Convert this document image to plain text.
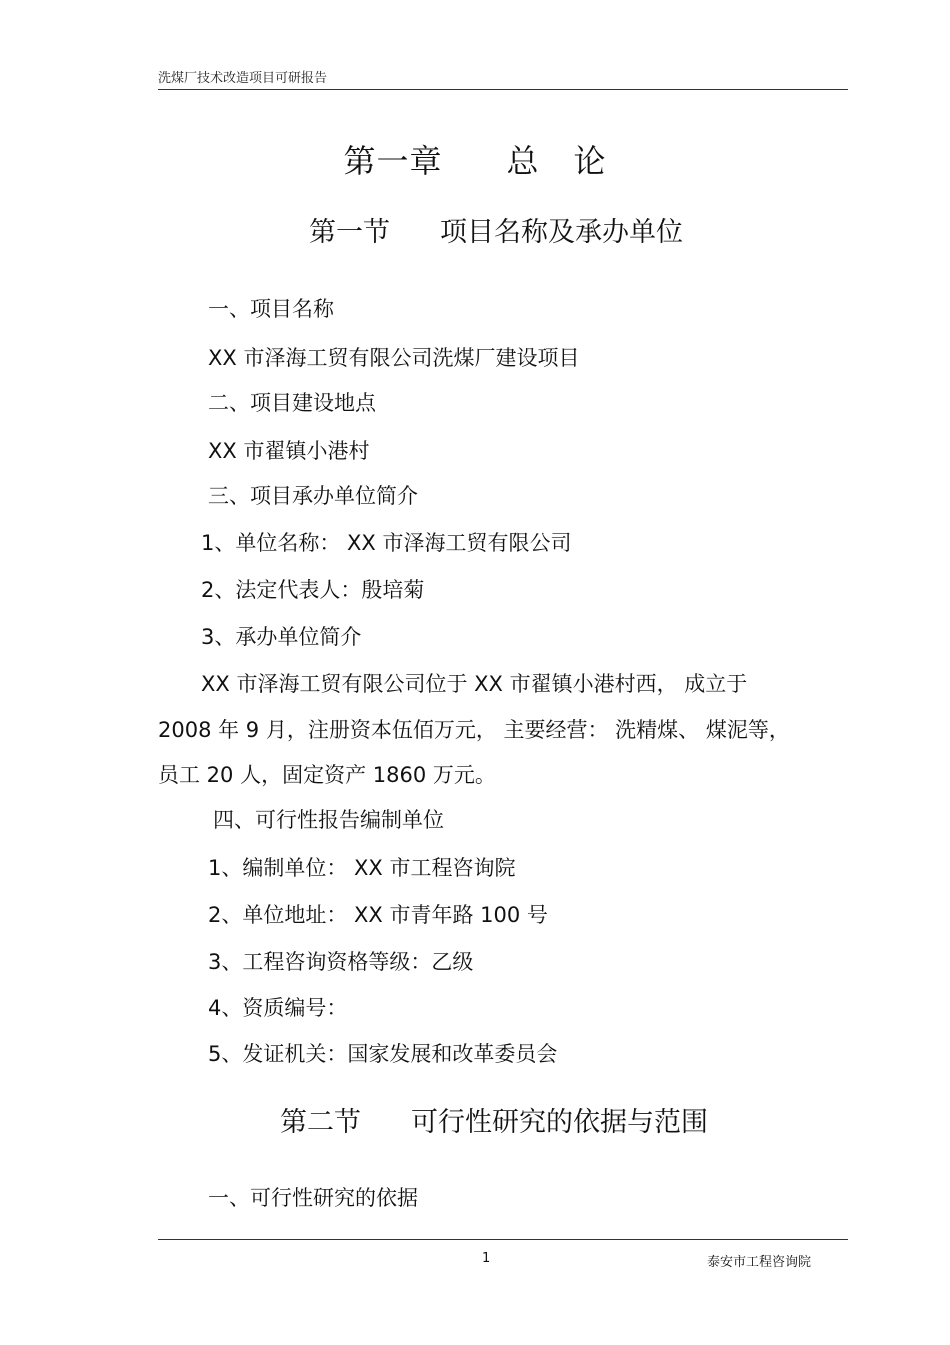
洗煤厂技术改造项目可研报告
第一章 总 论
第一节 项目名称及承办单位
一、项目名称
XX 市泽海工贸有限公司洗煤厂建设项目
二、项目建设地点
XX 市翟镇小港村
三、项目承办单位简介
1、单位名称： XX 市泽海工贸有限公司
2、法定代表人：殷培菊
3、承办单位简介
XX 市泽海工贸有限公司位于 XX 市翟镇小港村西， 成立于
2008 年 9 月，注册资本伍佰万元， 主要经营： 洗精煤、 煤泥等，
员工 20 人，固定资产 1860 万元。
四、可行性报告编制单位
1、编制单位： XX 市工程咨询院
2、单位地址： XX 市青年路 100 号
3、工程咨询资格等级：乙级
4、资质编号：
5、发证机关：国家发展和改革委员会
第二节 可行性研究的依据与范围
一、可行性研究的依据
1	泰安市工程咨询院
